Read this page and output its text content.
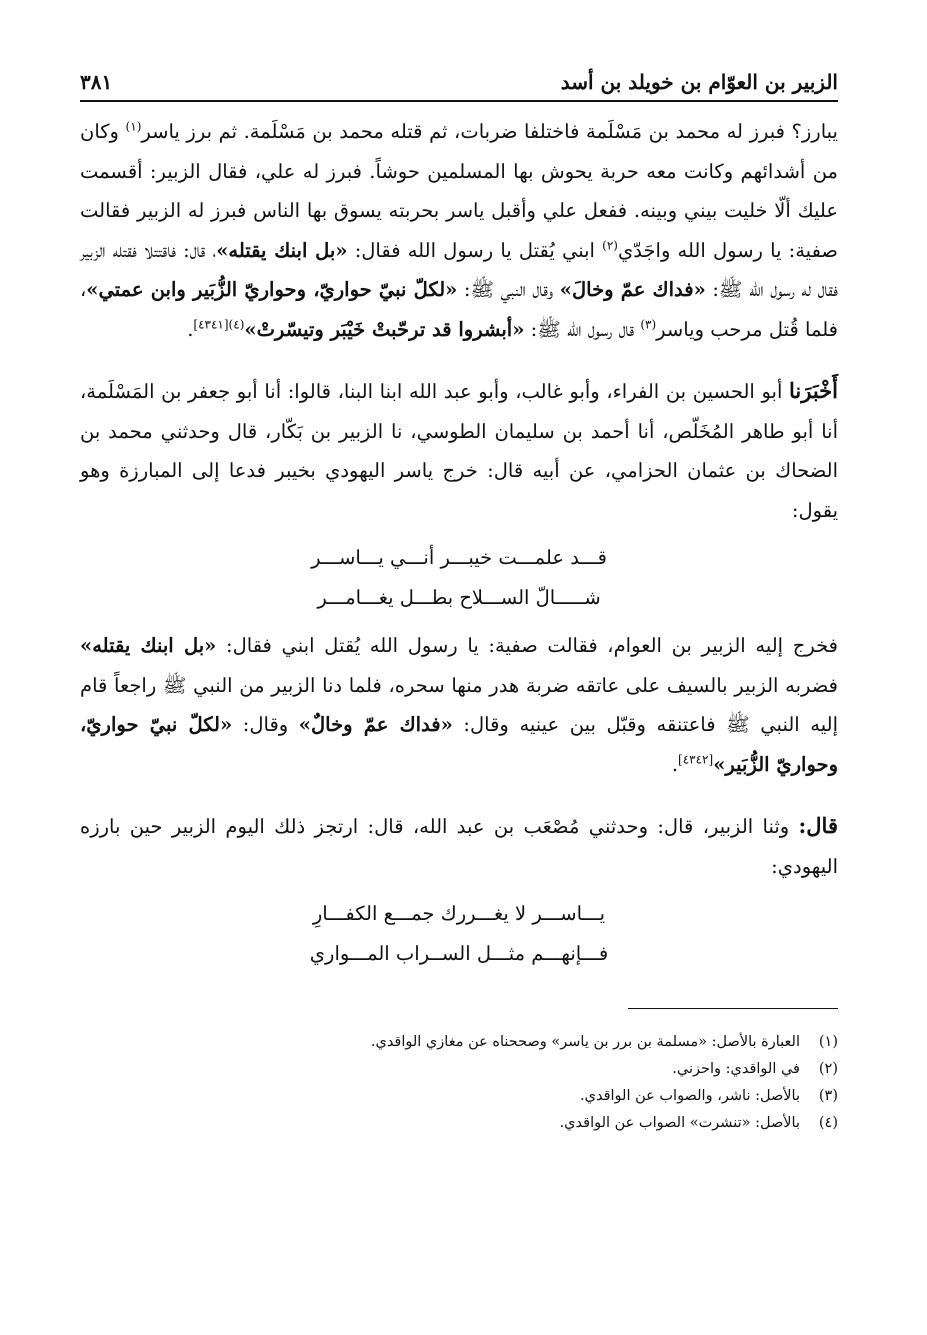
الزبير بن العوّام بن خويلد بن أسد
٣٨١

يبارز؟ فبرز له محمد بن مَسْلَمة فاختلفا ضربات، ثم قتله محمد بن مَسْلَمة. ثم برز ياسر$^{(١)}$ وكان من أشدائهم وكانت معه حربة يحوش بها المسلمين حوشاً. فبرز له علي، فقال الزبير: أقسمت عليك ألّا خليت بيني وبينه. ففعل علي وأقبل ياسر بحربته يسوق بها الناس فبرز له الزبير فقالت صفية: يا رسول الله واجَدّي$^{(٢)}$ ابني يُقتل يا رسول الله فقال: «بل ابنك يقتله»، قال: فاقتتلا فقتله الزبير فقال له رسول الله ﷺ: «فداك عمّ وخالَ» وقال النبي ﷺ: «لكلّ نبيّ حواريّ، وحواريّ الزُّبَير وابن عمتي»، فلما قُتل مرحب وياسر$^{(٣)}$ قال رسول الله ﷺ: «أبشروا قد ترحّبتْ خَيْبَر وتيسّرتْ»$^{(٤)[٤٣٤١]}$.

أَخْبَرَنا أبو الحسين بن الفراء، وأبو غالب، وأبو عبد الله ابنا البنا، قالوا: أنا أبو جعفر بن المَسْلَمة، أنا أبو طاهر المُخَلّص، أنا أحمد بن سليمان الطوسي، نا الزبير بن بَكّار، قال وحدثني محمد بن الضحاك بن عثمان الحزامي، عن أبيه قال: خرج ياسر اليهودي بخيبر فدعا إلى المبارزة وهو يقول:

قـــد علمـــت خيبـــر أنـــي يـــاســـر
شـــــالّ الســـلاح بطـــل يغـــامـــر

فخرج إليه الزبير بن العوام، فقالت صفية: يا رسول الله يُقتل ابني فقال: «بل ابنك يقتله» فضربه الزبير بالسيف على عاتقه ضربة هدر منها سحره، فلما دنا الزبير من النبي ﷺ راجعاً قام إليه النبي ﷺ فاعتنقه وقبّل بين عينيه وقال: «فداك عمّ وخالٌ» وقال: «لكلّ نبيّ حواريّ، وحواريّ الزُّبَير»[٤٣٤٢].

قال: وثنا الزبير، قال: وحدثني مُصْعَب بن عبد الله، قال: ارتجز ذلك اليوم الزبير حين بارزه اليهودي:

يـــاســـر لا يغـــررك جمـــع الكفـــارِ
فـــإنهـــم مثـــل الســراب المـــواري
(١)
العبارة بالأصل: «مسلمة بن برر بن ياسر» وصححناه عن مغازي الواقدي.
(٢)
في الواقدي: واحزني.
(٣)
بالأصل: ناشر، والصواب عن الواقدي.
(٤)
بالأصل: «تنشرت» الصواب عن الواقدي.
